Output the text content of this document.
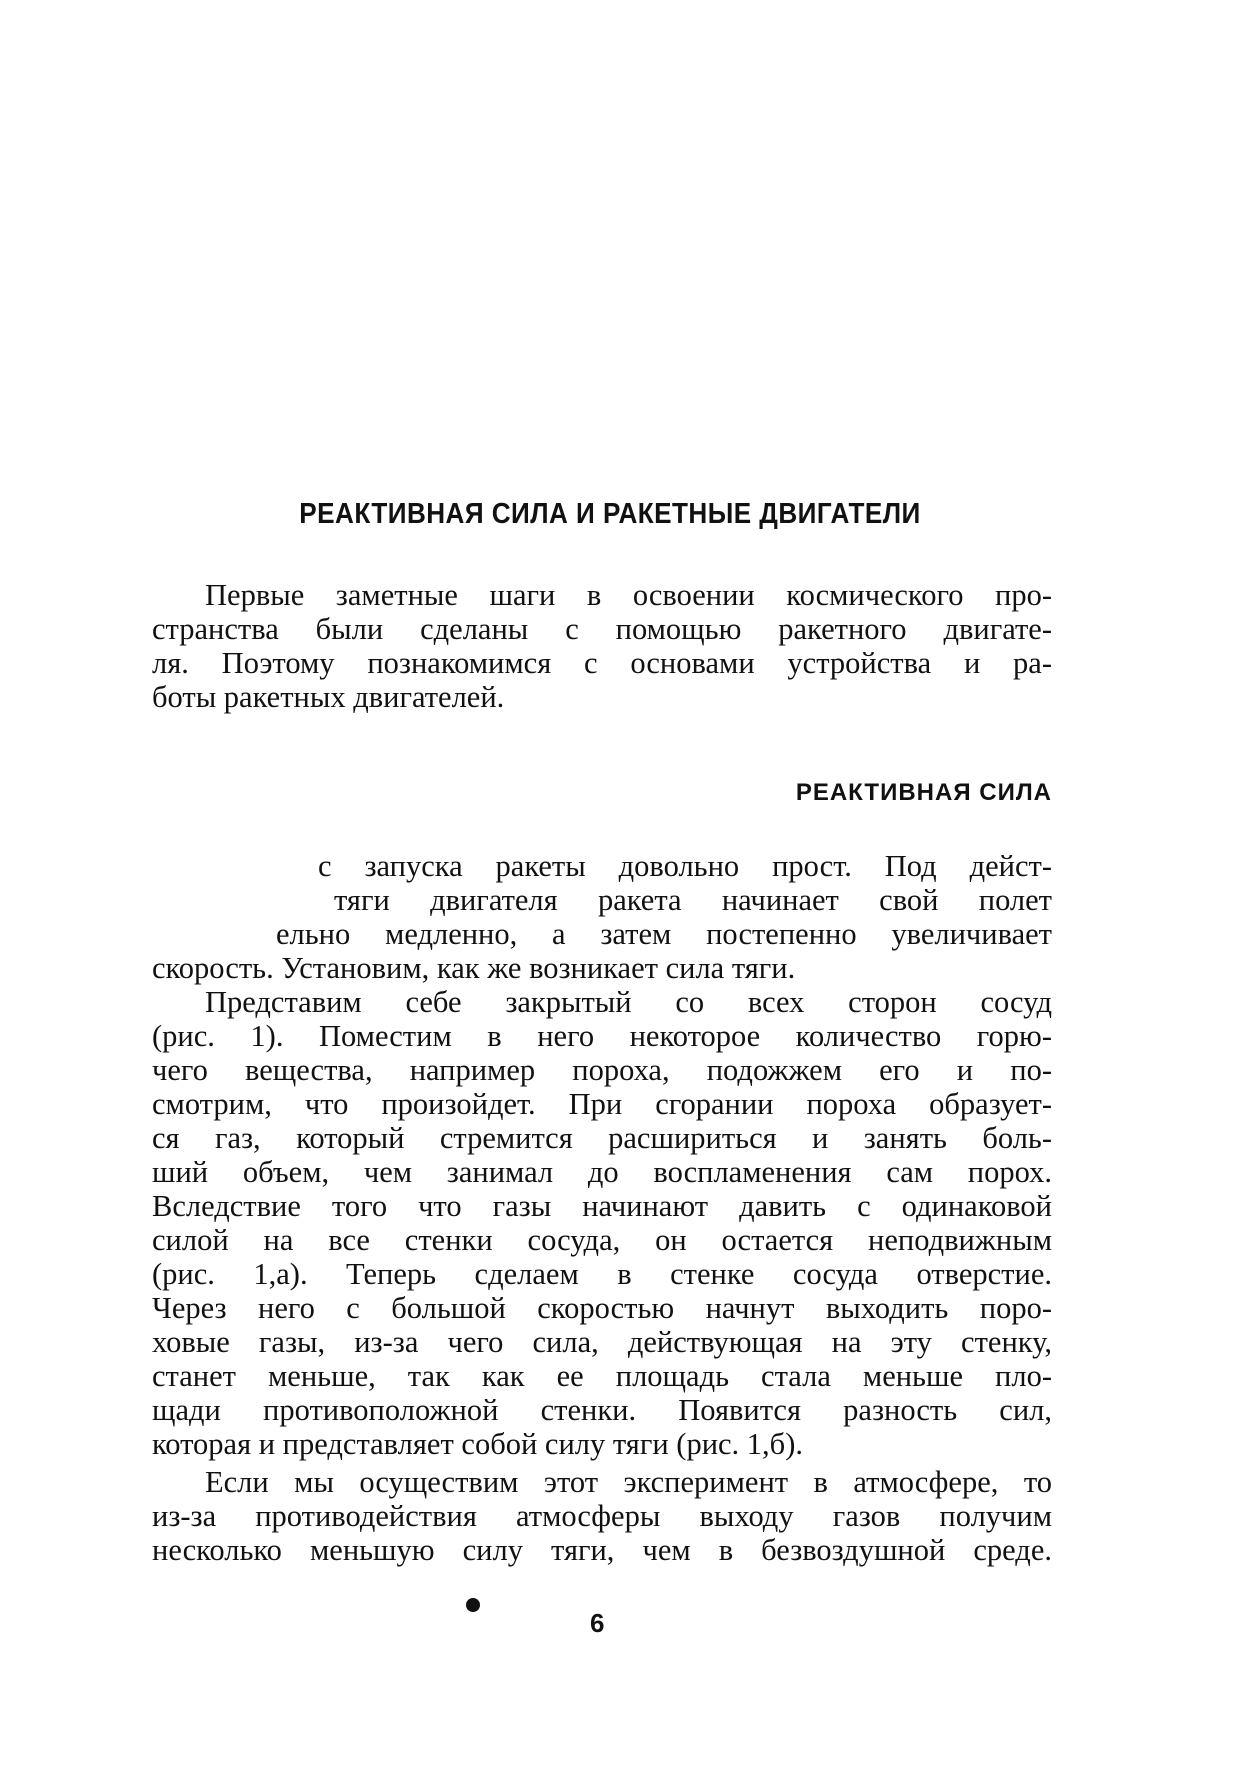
РЕАКТИВНАЯ СИЛА И РАКЕТНЫЕ ДВИГАТЕЛИ
Первые заметные шаги в освоении космического про-
странства были сделаны с помощью ракетного двигате-
ля. Поэтому познакомимся с основами устройства и ра-
боты ракетных двигателей.
РЕАКТИВНАЯ СИЛА
с запуска ракеты довольно прост. Под дейст-
тяги двигателя ракета начинает свой полет
ельно медленно, а затем постепенно увеличивает
скорость. Установим, как же возникает сила тяги.
Представим себе закрытый со всех сторон сосуд
(рис. 1). Поместим в него некоторое количество горю-
чего вещества, например пороха, подожжем его и по-
смотрим, что произойдет. При сгорании пороха образует-
ся газ, который стремится расшириться и занять боль-
ший объем, чем занимал до воспламенения сам порох.
Вследствие того что газы начинают давить с одинаковой
силой на все стенки сосуда, он остается неподвижным
(рис. 1,а). Теперь сделаем в стенке сосуда отверстие.
Через него с большой скоростью начнут выходить поро-
ховые газы, из-за чего сила, действующая на эту стенку,
станет меньше, так как ее площадь стала меньше пло-
щади противоположной стенки. Появится разность сил,
которая и представляет собой силу тяги (рис. 1,б).
Если мы осуществим этот эксперимент в атмосфере, то
из-за противодействия атмосферы выходу газов получим
несколько меньшую силу тяги, чем в безвоздушной среде.
6
